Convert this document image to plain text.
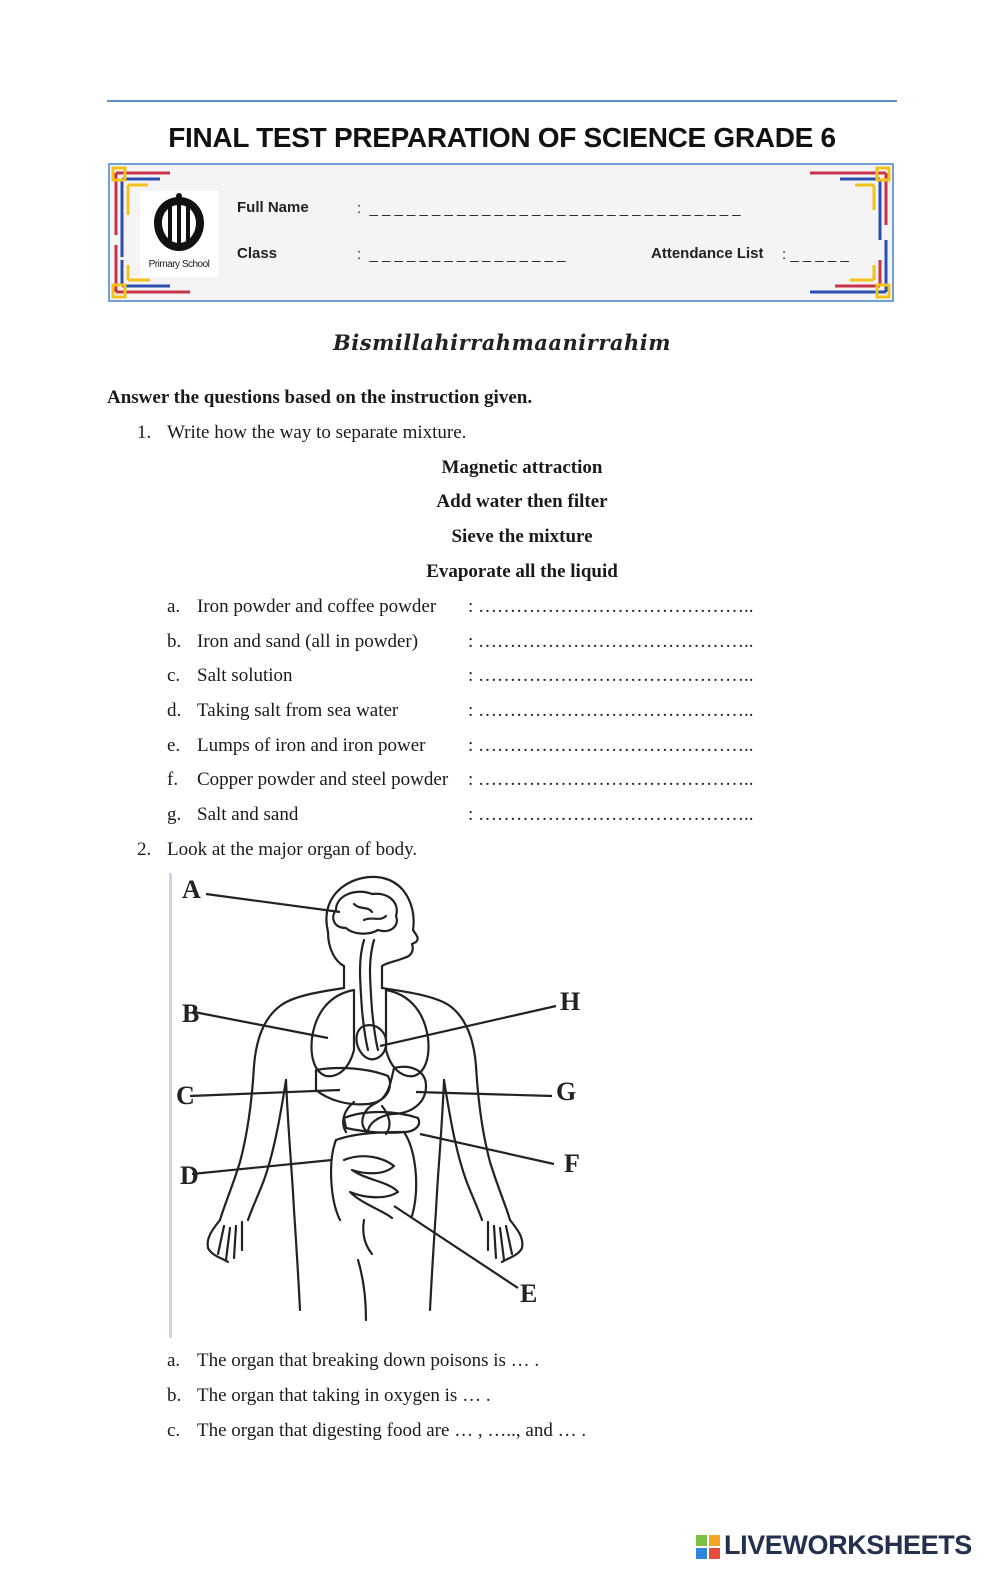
FINAL TEST PREPARATION OF SCIENCE GRADE 6
Primary School
Full Name	:  _ _ _ _ _ _ _ _ _ _ _ _ _ _ _ _ _ _ _ _ _ _ _ _ _ _ _ _ _ _
Class	:  _ _ _ _ _ _ _ _ _ _ _ _ _ _ _ _	Attendance List : _ _ _ _ _
Bismillahirrahmaanirrahim
Answer the questions based on the instruction given.
1. Write how the way to separate mixture.
Magnetic attraction
Add water then filter
Sieve the mixture
Evaporate all the liquid
a. Iron powder and coffee powder : ……………………………………..
b. Iron and sand (all in powder)	: ……………………………………..
c. Salt solution	: ……………………………………..
d. Taking salt from sea water	: ……………………………………..
e. Lumps of iron and iron power : ……………………………………..
f. Copper powder and steel powder : ……………………………………..
g. Salt and sand	: ……………………………………..
2. Look at the major organ of body.
A
B
C
D
E
F
G
H
a. The organ that breaking down poisons is … .
b. The organ that taking in oxygen is … .
c. The organ that digesting food are … , ….., and … .
LIVEWORKSHEETS
